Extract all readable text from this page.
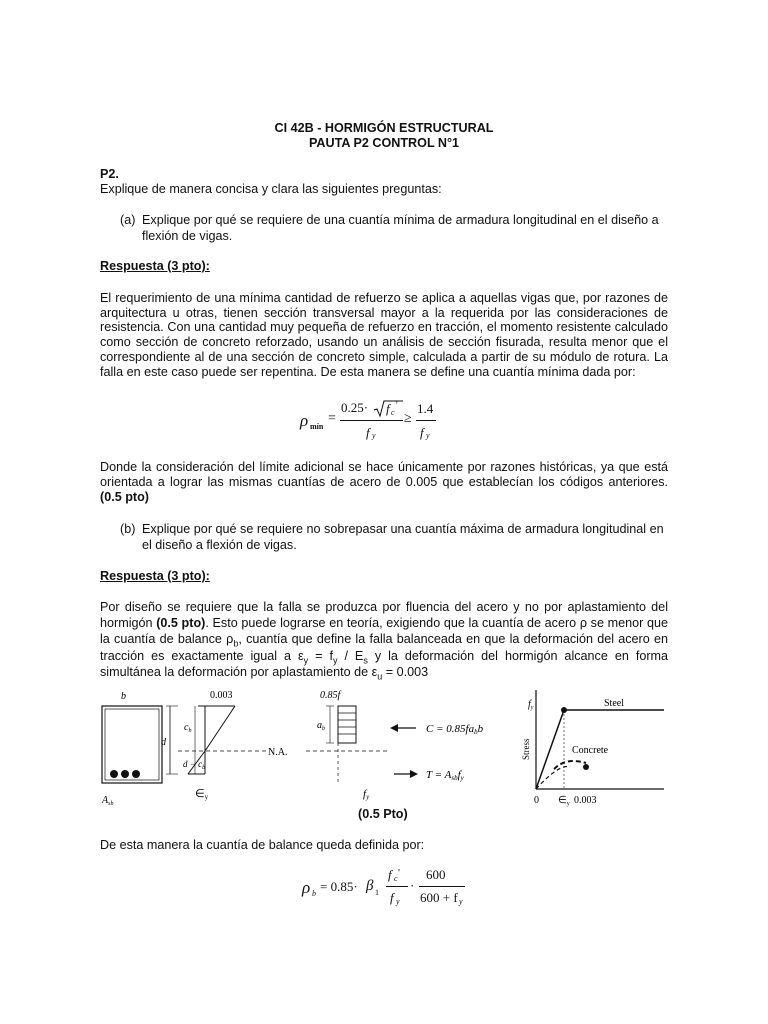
CI 42B - HORMIGÓN ESTRUCTURAL
PAUTA P2 CONTROL N°1
P2.
Explique de manera concisa y clara las siguientes preguntas:
(a) Explique por qué se requiere de una cuantía mínima de armadura longitudinal en el diseño a flexión de vigas.
Respuesta (3 pto):
El requerimiento de una mínima cantidad de refuerzo se aplica a aquellas vigas que, por razones de arquitectura u otras, tienen sección transversal mayor a la requerida por las consideraciones de resistencia. Con una cantidad muy pequeña de refuerzo en tracción, el momento resistente calculado como sección de concreto reforzado, usando un análisis de sección fisurada, resulta menor que el correspondiente al de una sección de concreto simple, calculada a partir de su módulo de rotura. La falla en este caso puede ser repentina. De esta manera se define una cuantía mínima dada por:
ρ mín
=
0.25· f c
'
f y
≥
1.4
f y
Donde la consideración del límite adicional se hace únicamente por razones históricas, ya que está orientada a lograr las mismas cuantías de acero de 0.005 que establecían los códigos anteriores. (0.5 pto)
(b) Explique por qué se requiere no sobrepasar una cuantía máxima de armadura longitudinal en el diseño a flexión de vigas.
Respuesta (3 pto):
Por diseño se requiere que la falla se produzca por fluencia del acero y no por aplastamiento del hormigón (0.5 pto). Esto puede lograrse en teoría, exigiendo que la cuantía de acero ρ se menor que la cuantía de balance $\rho_b$, cuantía que define la falla balanceada en que la deformación del acero en tracción es exactamente igual a $\varepsilon_y = f_y / E_s$ y la deformación del hormigón alcance en forma simultánea la deformación por aplastamiento de $\varepsilon_u = 0.003$
b
$A_{sb}$
d
0.003
$c_b$
$d - c_b$
N.A.
∈y
0.85f
$a_b$	C = 0.85fabb
T = Asbfy
fy
$f_y$
Stress
Steel
Concrete
0 $\in_y$ 0.003
(0.5 Pto)
De esta manera la cuantía de balance queda definida por:
ρ b = 0.85· β 1
f c '
f y
·
600
600 + f y
